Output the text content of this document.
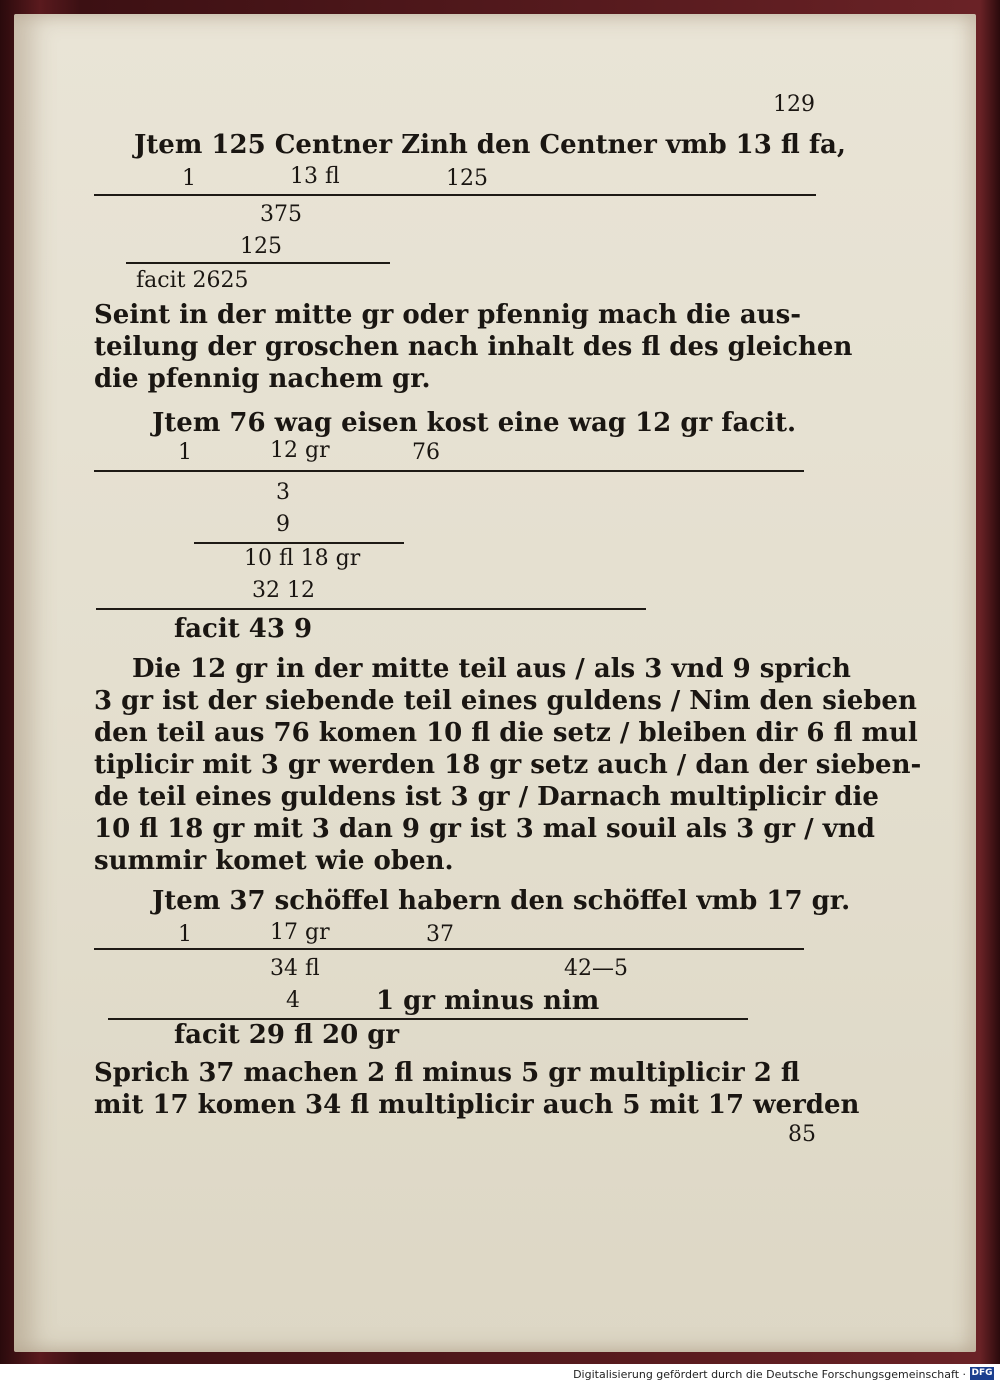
129
Jtem 125 Centner Zinh den Centner vmb 13 fl fa,
1	13 fl	125
375
125
facit 2625
Seint in der mitte gr oder pfennig mach die aus-
teilung der groschen nach inhalt des fl des gleichen
die pfennig nachem gr.
Jtem 76 wag eisen kost eine wag 12 gr facit.
1	12 gr	76
3
9
10 fl 18 gr
32 12
facit 43 9
Die 12 gr in der mitte teil aus / als 3 vnd 9 sprich
3 gr ist der siebende teil eines guldens / Nim den sieben
den teil aus 76 komen 10 fl die setz / bleiben dir 6 fl mul
tiplicir mit 3 gr werden 18 gr setz auch / dan der sieben-
de teil eines guldens ist 3 gr / Darnach multiplicir die
10 fl 18 gr mit 3 dan 9 gr ist 3 mal souil als 3 gr / vnd
summir komet wie oben.
Jtem 37 schöffel habern den schöffel vmb 17 gr.
1	17 gr	37
34 fl	42—5
4	1 gr minus nim
facit 29 fl 20 gr
Sprich 37 machen 2 fl minus 5 gr multiplicir 2 fl
mit 17 komen 34 fl multiplicir auch 5 mit 17 werden
85
Digitalisierung gefördert durch die Deutsche Forschungsgemeinschaft · DFG
